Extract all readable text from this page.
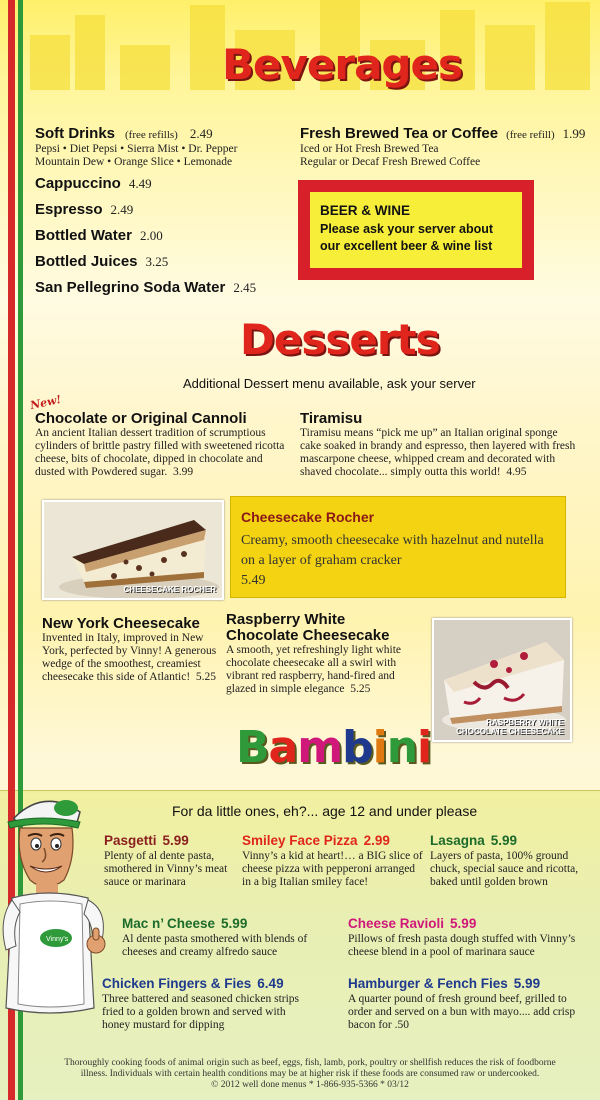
Beverages
Soft Drinks (free refills) 2.49
Pepsi • Diet Pepsi • Sierra Mist • Dr. Pepper
Mountain Dew • Orange Slice • Lemonade
Cappuccino 4.49
Espresso 2.49
Bottled Water 2.00
Bottled Juices 3.25
San Pellegrino Soda Water 2.45
Fresh Brewed Tea or Coffee (free refill) 1.99
Iced or Hot Fresh Brewed Tea
Regular or Decaf Fresh Brewed Coffee
BEER & WINE
Please ask your server about
our excellent beer & wine list
Desserts
Additional Dessert menu available, ask your server
New!
Chocolate or Original Cannoli
An ancient Italian dessert tradition of scrumptious cylinders of brittle pastry filled with sweetened ricotta cheese, bits of chocolate, dipped in chocolate and dusted with Powdered sugar. 3.99
Tiramisu
Tiramisu means “pick me up” an Italian original sponge cake soaked in brandy and espresso, then layered with fresh mascarpone cheese, whipped cream and decorated with shaved chocolate... simply outta this world! 4.95
CHEESECAKE ROCHER
Cheesecake Rocher
Creamy, smooth cheesecake with hazelnut and nutella on a layer of graham cracker
5.49
New York Cheesecake
Invented in Italy, improved in New York, perfected by Vinny! A generous wedge of the smoothest, creamiest cheesecake this side of Atlantic! 5.25
Raspberry White
Chocolate Cheesecake
A smooth, yet refreshingly light white chocolate cheesecake all a swirl with vibrant red raspberry, hand-fired and glazed in simple elegance 5.25
RASPBERRY WHITE
CHOCOLATE CHEESECAKE
Bambini
For da little ones, eh?... age 12 and under please
Vinny's
Pasgetti 5.99
Plenty of al dente pasta, smothered in Vinny’s meat sauce or marinara
Smiley Face Pizza 2.99
Vinny’s a kid at heart!… a BIG slice of cheese pizza with pepperoni arranged in a big Italian smiley face!
Lasagna 5.99
Layers of pasta, 100% ground chuck, special sauce and ricotta, baked until golden brown
Mac n’ Cheese 5.99
Al dente pasta smothered with blends of cheeses and creamy alfredo sauce
Cheese Ravioli 5.99
Pillows of fresh pasta dough stuffed with Vinny’s cheese blend in a pool of marinara sauce
Chicken Fingers & Fies 6.49
Three battered and seasoned chicken strips fried to a golden brown and served with honey mustard for dipping
Hamburger & Fench Fies 5.99
A quarter pound of fresh ground beef, grilled to order and served on a bun with mayo.... add crisp bacon for .50
Thoroughly cooking foods of animal origin such as beef, eggs, fish, lamb, pork, poultry or shellfish reduces the risk of foodborne illness. Individuals with certain health conditions may be at higher risk if these foods are consumed raw or undercooked.
© 2012 well done menus * 1-866-935-5366 * 03/12
